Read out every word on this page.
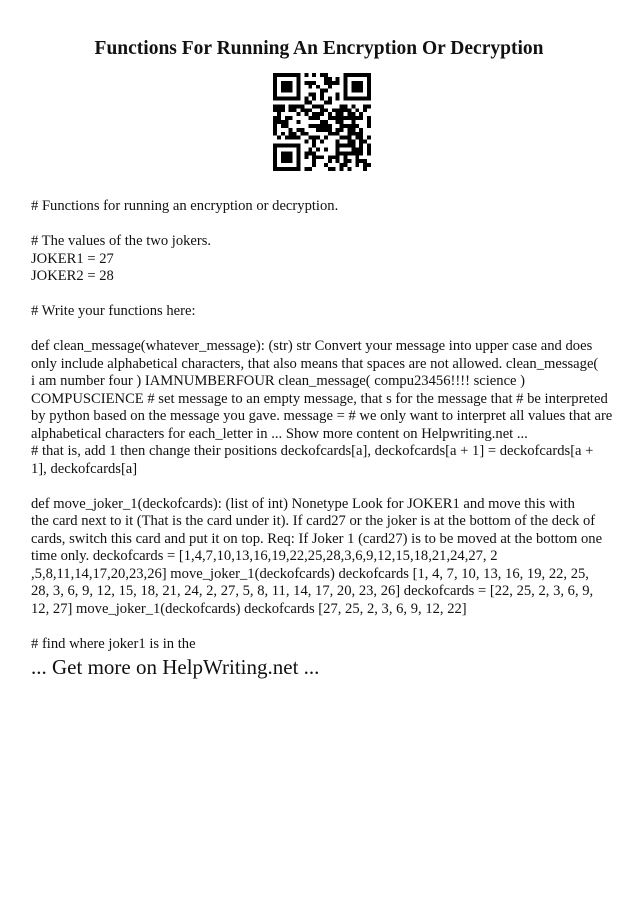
Functions For Running An Encryption Or Decryption

# Functions for running an encryption or decryption.

# The values of the two jokers.
JOKER1 = 27
JOKER2 = 28

# Write your functions here:

def clean_message(whatever_message): (str) str Convert your message into upper case and does
only include alphabetical characters, that also means that spaces are not allowed. clean_message(
i am number four ) IAMNUMBERFOUR clean_message( compu23456!!!! science )
COMPUSCIENCE # set message to an empty message, that s for the message that # be interpreted
by python based on the message you gave. message = # we only want to interpret all values that are
alphabetical characters for each_letter in ... Show more content on Helpwriting.net ...
# that is, add 1 then change their positions deckofcards[a], deckofcards[a + 1] = deckofcards[a +
1], deckofcards[a]

def move_joker_1(deckofcards): (list of int) Nonetype Look for JOKER1 and move this with
the card next to it (That is the card under it). If card27 or the joker is at the bottom of the deck of
cards, switch this card and put it on top. Req: If Joker 1 (card27) is to be moved at the bottom one
time only. deckofcards = [1,4,7,10,13,16,19,22,25,28,3,6,9,12,15,18,21,24,27, 2
,5,8,11,14,17,20,23,26] move_joker_1(deckofcards) deckofcards [1, 4, 7, 10, 13, 16, 19, 22, 25,
28, 3, 6, 9, 12, 15, 18, 21, 24, 2, 27, 5, 8, 11, 14, 17, 20, 23, 26] deckofcards = [22, 25, 2, 3, 6, 9,
12, 27] move_joker_1(deckofcards) deckofcards [27, 25, 2, 3, 6, 9, 12, 22]

# find where joker1 is in the

... Get more on HelpWriting.net ...
